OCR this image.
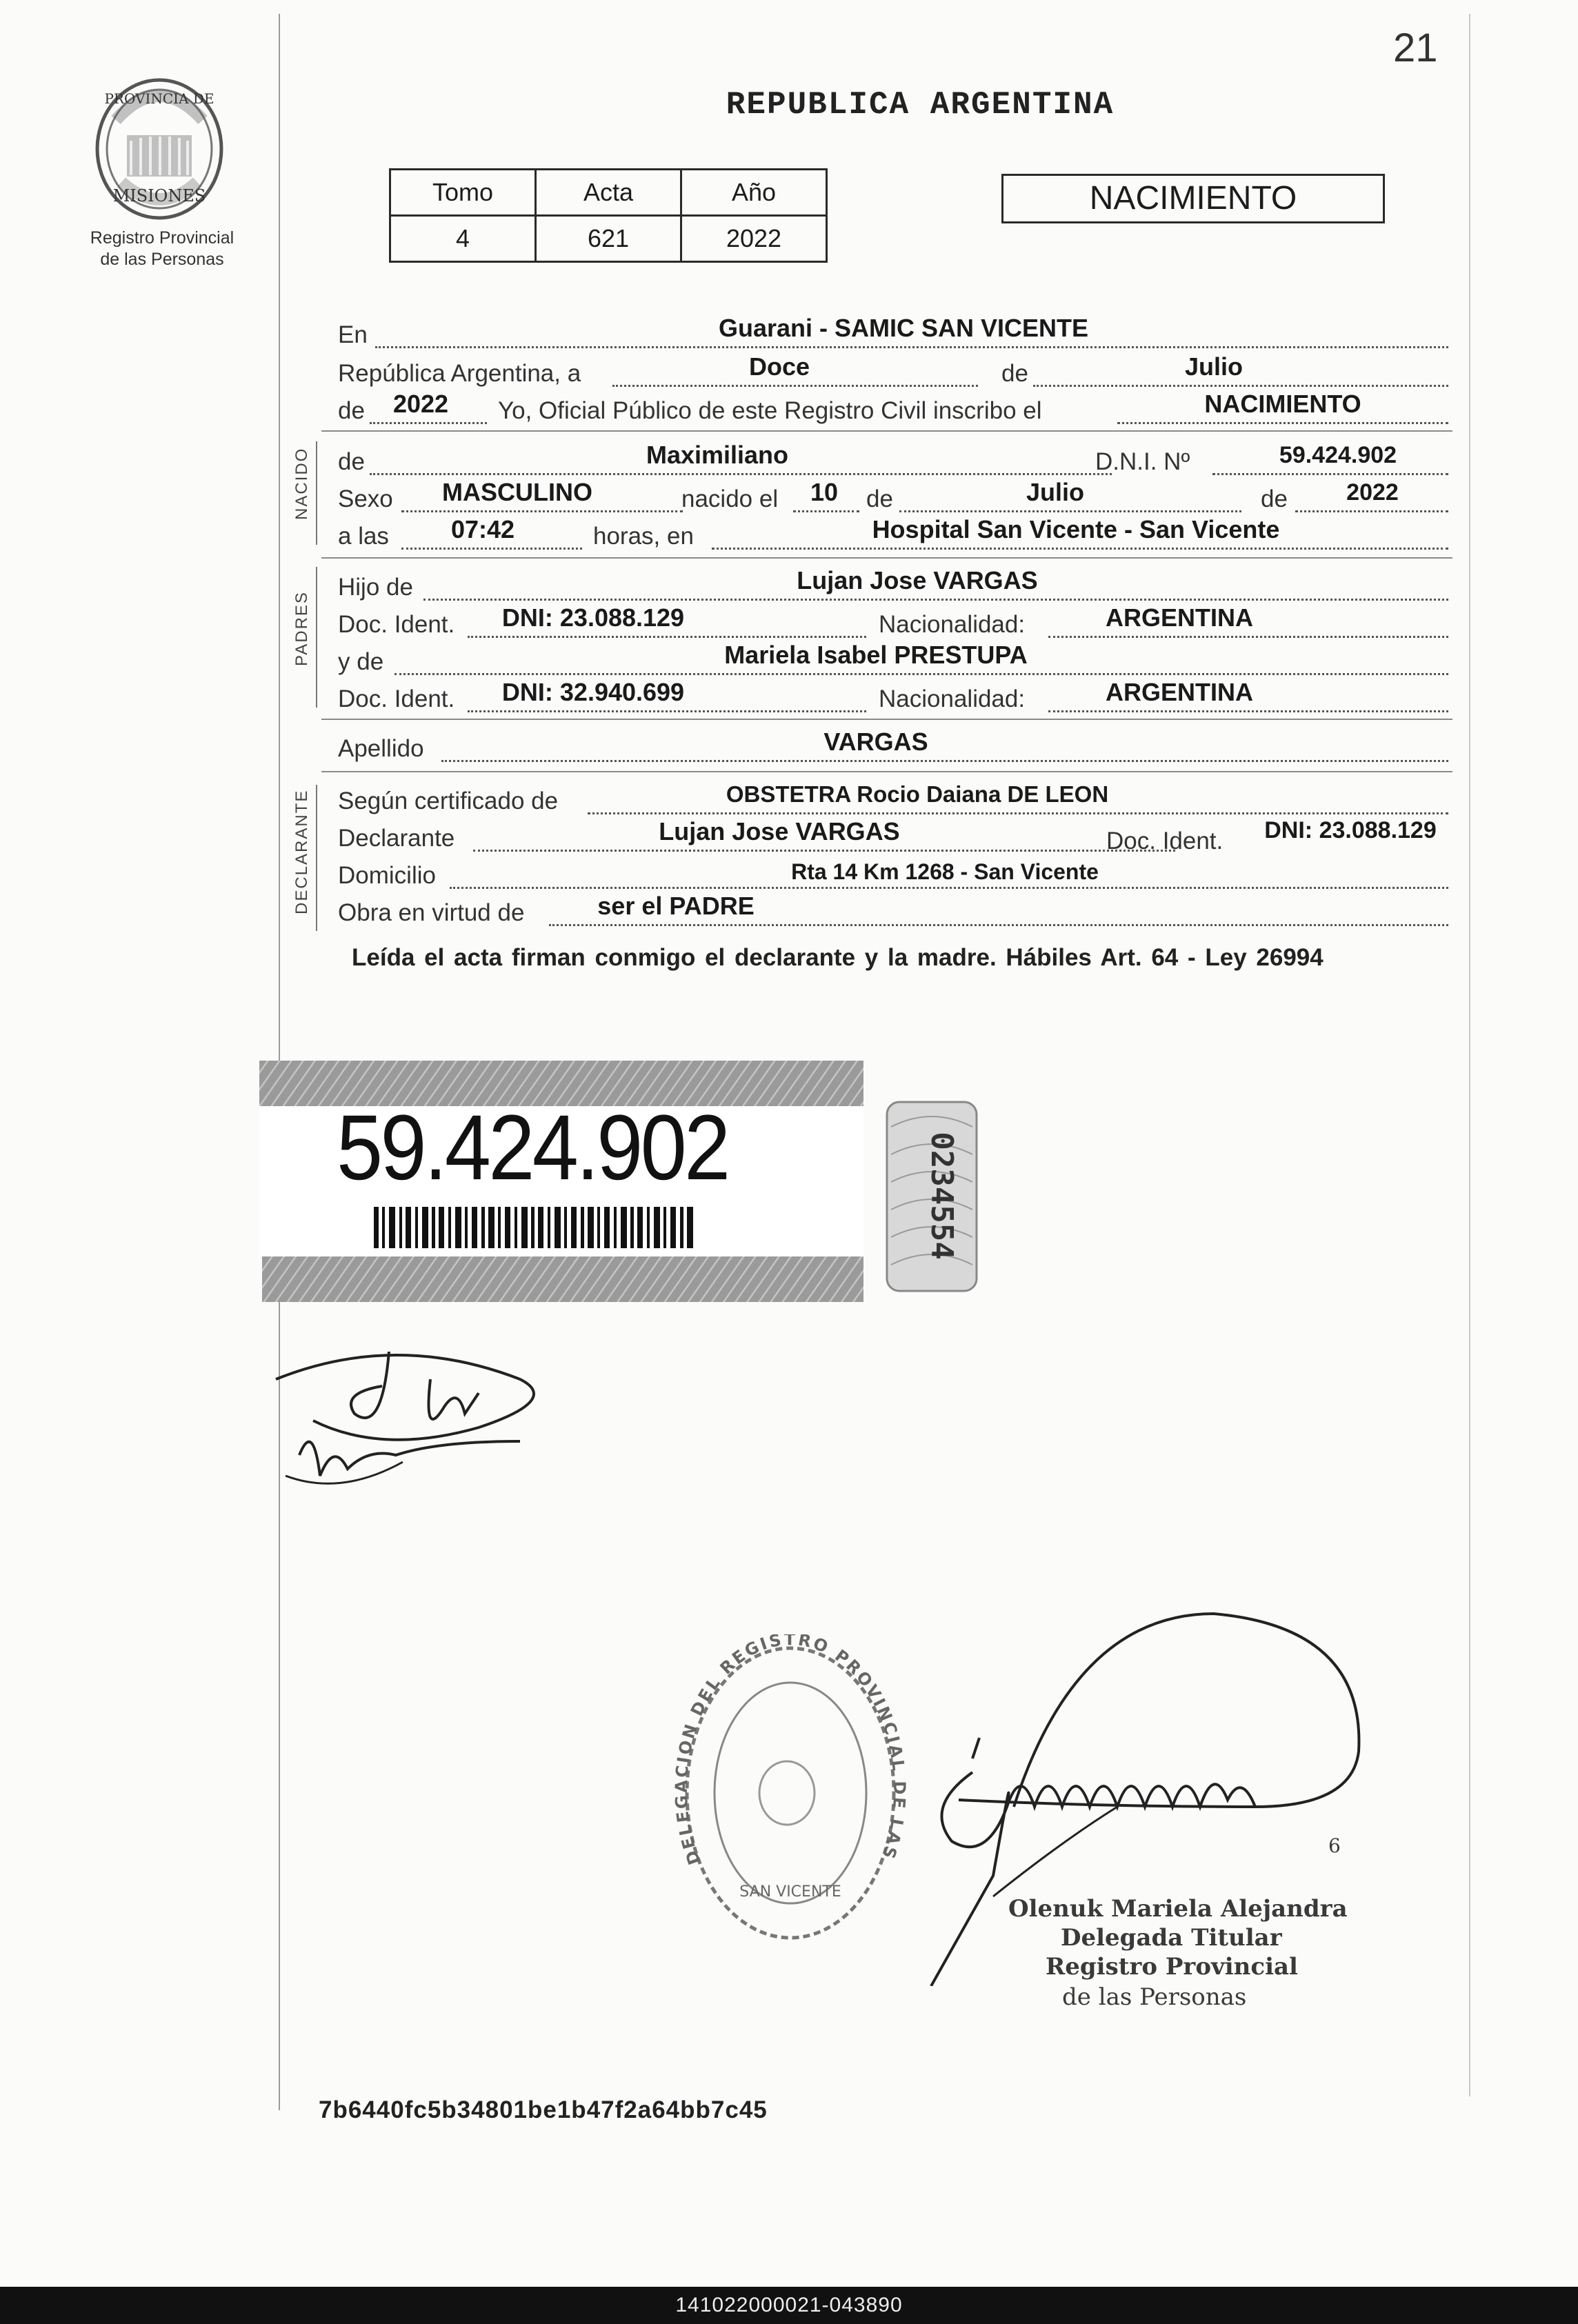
21
PROVINCIA DE
MISIONES
Registro Provincial
de las Personas
REPUBLICA ARGENTINA
Tomo	Acta	Año
4	621	2022
NACIMIENTO
En	Guarani - SAMIC SAN VICENTE
República Argentina, a	Doce	de	Julio
de	2022	Yo, Oficial Público de este Registro Civil inscribo el	NACIMIENTO
NACIDO de	Maximiliano	D.N.I. Nº	59.424.902
Sexo	MASCULINO	nacido el	10	de	Julio	de	2022
a las	07:42	horas, en	Hospital San Vicente - San Vicente
PADRES
Hijo de	Lujan Jose VARGAS
Doc. Ident.	DNI: 23.088.129	Nacionalidad:	ARGENTINA
y de	Mariela Isabel PRESTUPA
Doc. Ident.	DNI: 32.940.699	Nacionalidad:	ARGENTINA
Apellido	VARGAS
DECLARANTE Según certificado de	OBSTETRA Rocio Daiana DE LEON
Declarante	Lujan Jose VARGAS	Doc. Ident.	DNI: 23.088.129
Domicilio	Rta 14 Km 1268 - San Vicente
Obra en virtud de	ser el PADRE
Leída el acta firman conmigo el declarante y la madre. Hábiles Art. 64 - Ley 26994
59.424.902	0234554
DELEGACION DEL REGISTRO PROVINCIAL DE LAS
SAN VICENTE
6
Olenuk Mariela Alejandra
Delegada Titular
Registro Provincial
de las Personas
7b6440fc5b34801be1b47f2a64bb7c45
141022000021-043890
